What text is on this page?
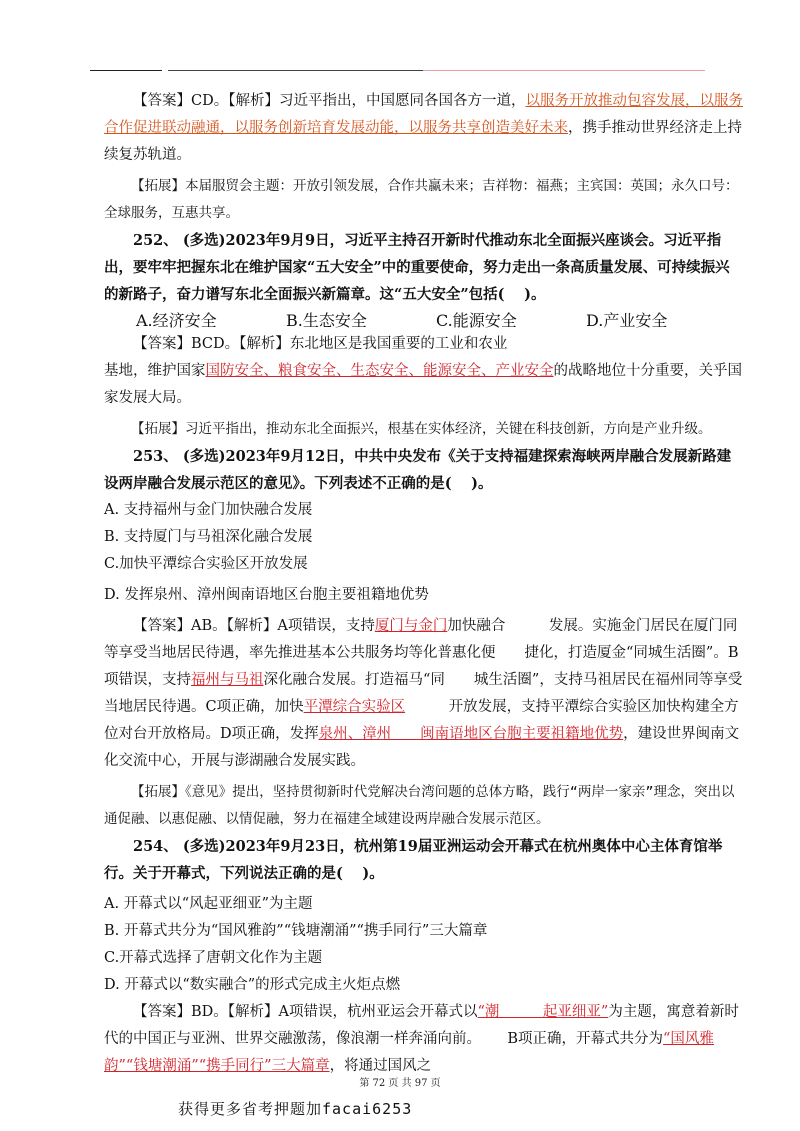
【答案】CD。【解析】习近平指出，中国愿同各国各方一道，以服务开放推动包容发展，以服务合作促进联动融通，以服务创新培育发展动能，以服务共享创造美好未来，携手推动世界经济走上持续复苏轨道。

【拓展】本届服贸会主题：开放引领发展，合作共赢未来；吉祥物：福燕；主宾国：英国；永久口号：全球服务，互惠共享。

252、 (多选)2023年9月9日，习近平主持召开新时代推动东北全面振兴座谈会。习近平指出，要牢牢把握东北在维护国家“五大安全”中的重要使命，努力走出一条高质量发展、可持续振兴的新路子，奋力谱写东北全面振兴新篇章。这“五大安全”包括(　 )。

A.经济安全	B.生态安全	C.能源安全	D.产业安全

【答案】BCD。【解析】东北地区是我国重要的工业和农业

基地，维护国家国防安全、粮食安全、生态安全、能源安全、产业安全的战略地位十分重要，关乎国家发展大局。

【拓展】习近平指出，推动东北全面振兴，根基在实体经济，关键在科技创新，方向是产业升级。

253、 (多选)2023年9月12日，中共中央发布《关于支持福建探索海峡两岸融合发展新路建设两岸融合发展示范区的意见》。下列表述不正确的是(　 )。

A. 支持福州与金门加快融合发展

B. 支持厦门与马祖深化融合发展

C.加快平潭综合实验区开放发展

D. 发挥泉州、漳州闽南语地区台胞主要祖籍地优势

【答案】AB。【解析】A项错误，支持厦门与金门加快融合　　　发展。实施金门居民在厦门同等享受当地居民待遇，率先推进基本公共服务均等化普惠化便　　捷化，打造厦金“同城生活圈”。B项错误，支持福州与马祖深化融合发展。打造福马“同　　城生活圈”，支持马祖居民在福州同等享受当地居民待遇。C项正确，加快平潭综合实验区　　　开放发展，支持平潭综合实验区加快构建全方位对台开放格局。D项正确，发挥泉州、漳州　　闽南语地区台胞主要祖籍地优势，建设世界闽南文化交流中心，开展与澎湖融合发展实践。

【拓展】《意见》提出，坚持贯彻新时代党解决台湾问题的总体方略，践行“两岸一家亲”理念，突出以通促融、以惠促融、以情促融，努力在福建全域建设两岸融合发展示范区。

254、 (多选)2023年9月23日，杭州第19届亚洲运动会开幕式在杭州奥体中心主体育馆举行。关于开幕式，下列说法正确的是(　 )。

A. 开幕式以“风起亚细亚”为主题

B. 开幕式共分为“国风雅韵”“钱塘潮涌”“携手同行”三大篇章

C.开幕式选择了唐朝文化作为主题

D. 开幕式以“数实融合”的形式完成主火炬点燃

【答案】BD。【解析】A项错误，杭州亚运会开幕式以“潮　　　起亚细亚”为主题，寓意着新时代的中国正与亚洲、世界交融激荡，像浪潮一样奔涌向前。　　 B项正确，开幕式共分为“国风雅韵”“钱塘潮涌”“携手同行”三大篇章，将通过国风之

第 72 页 共 97 页
获得更多省考押题加facai6253
